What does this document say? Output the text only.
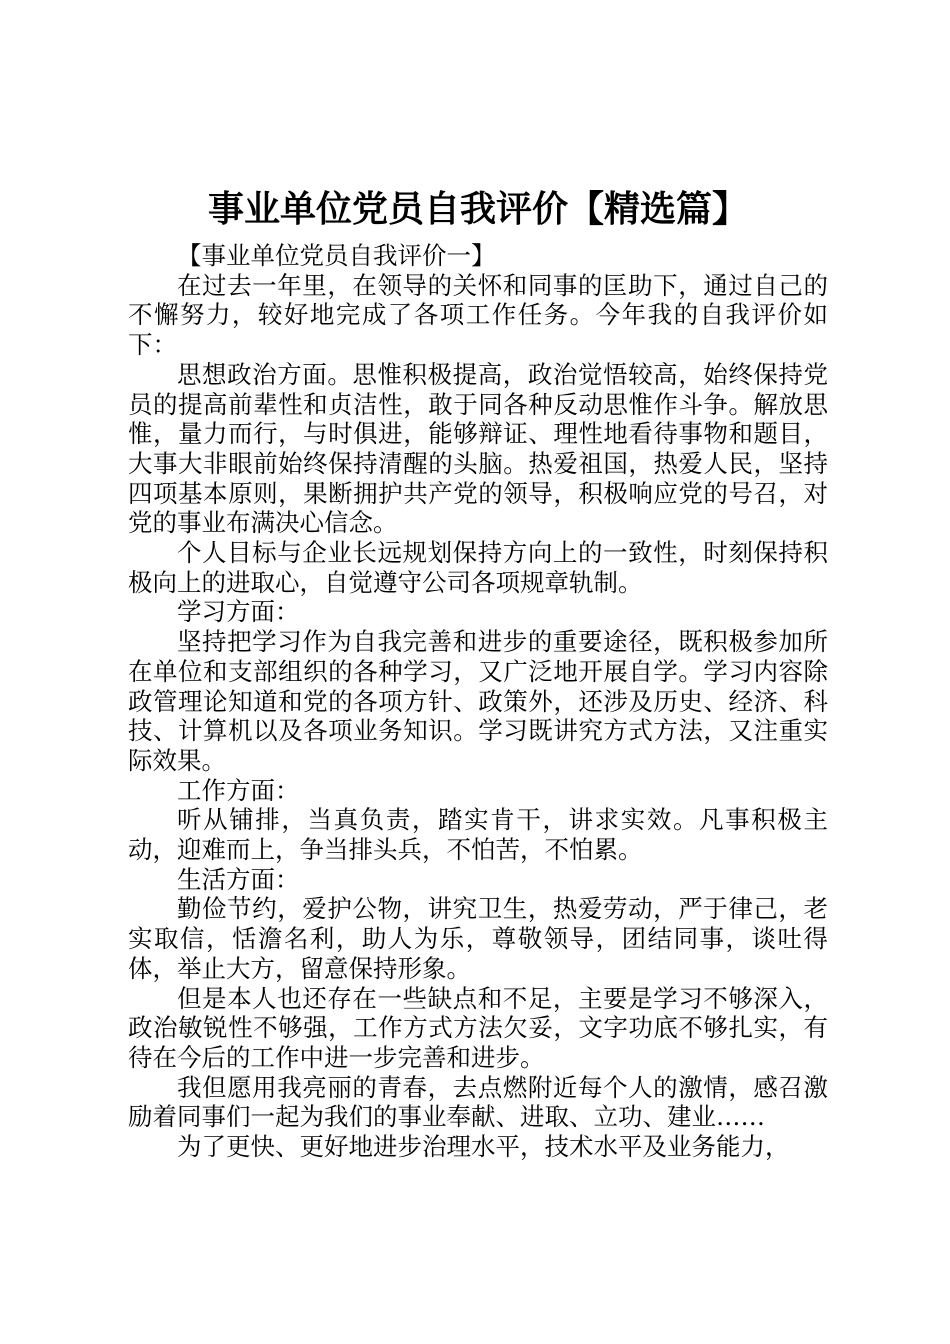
事业单位党员自我评价【精选篇】

【事业单位党员自我评价一】

在过去一年里，在领导的关怀和同事的匡助下，通过自己的不懈努力，较好地完成了各项工作任务。今年我的自我评价如下：

思想政治方面。思惟积极提高，政治觉悟较高，始终保持党员的提高前辈性和贞洁性，敢于同各种反动思惟作斗争。解放思惟，量力而行，与时俱进，能够辩证、理性地看待事物和题目，大事大非眼前始终保持清醒的头脑。热爱祖国，热爱人民，坚持四项基本原则，果断拥护共产党的领导，积极响应党的号召，对党的事业布满决心信念。

个人目标与企业长远规划保持方向上的一致性，时刻保持积极向上的进取心，自觉遵守公司各项规章轨制。

学习方面：

坚持把学习作为自我完善和进步的重要途径，既积极参加所在单位和支部组织的各种学习，又广泛地开展自学。学习内容除政管理论知道和党的各项方针、政策外，还涉及历史、经济、科技、计算机以及各项业务知识。学习既讲究方式方法，又注重实际效果。

工作方面：

听从铺排，当真负责，踏实肯干，讲求实效。凡事积极主动，迎难而上，争当排头兵，不怕苦，不怕累。

生活方面：

勤俭节约，爱护公物，讲究卫生，热爱劳动，严于律己，老实取信，恬澹名利，助人为乐，尊敬领导，团结同事，谈吐得体，举止大方，留意保持形象。

但是本人也还存在一些缺点和不足，主要是学习不够深入，政治敏锐性不够强，工作方式方法欠妥，文字功底不够扎实，有待在今后的工作中进一步完善和进步。

我但愿用我亮丽的青春，去点燃附近每个人的激情，感召激励着同事们一起为我们的事业奉献、进取、立功、建业……

为了更快、更好地进步治理水平，技术水平及业务能力，
